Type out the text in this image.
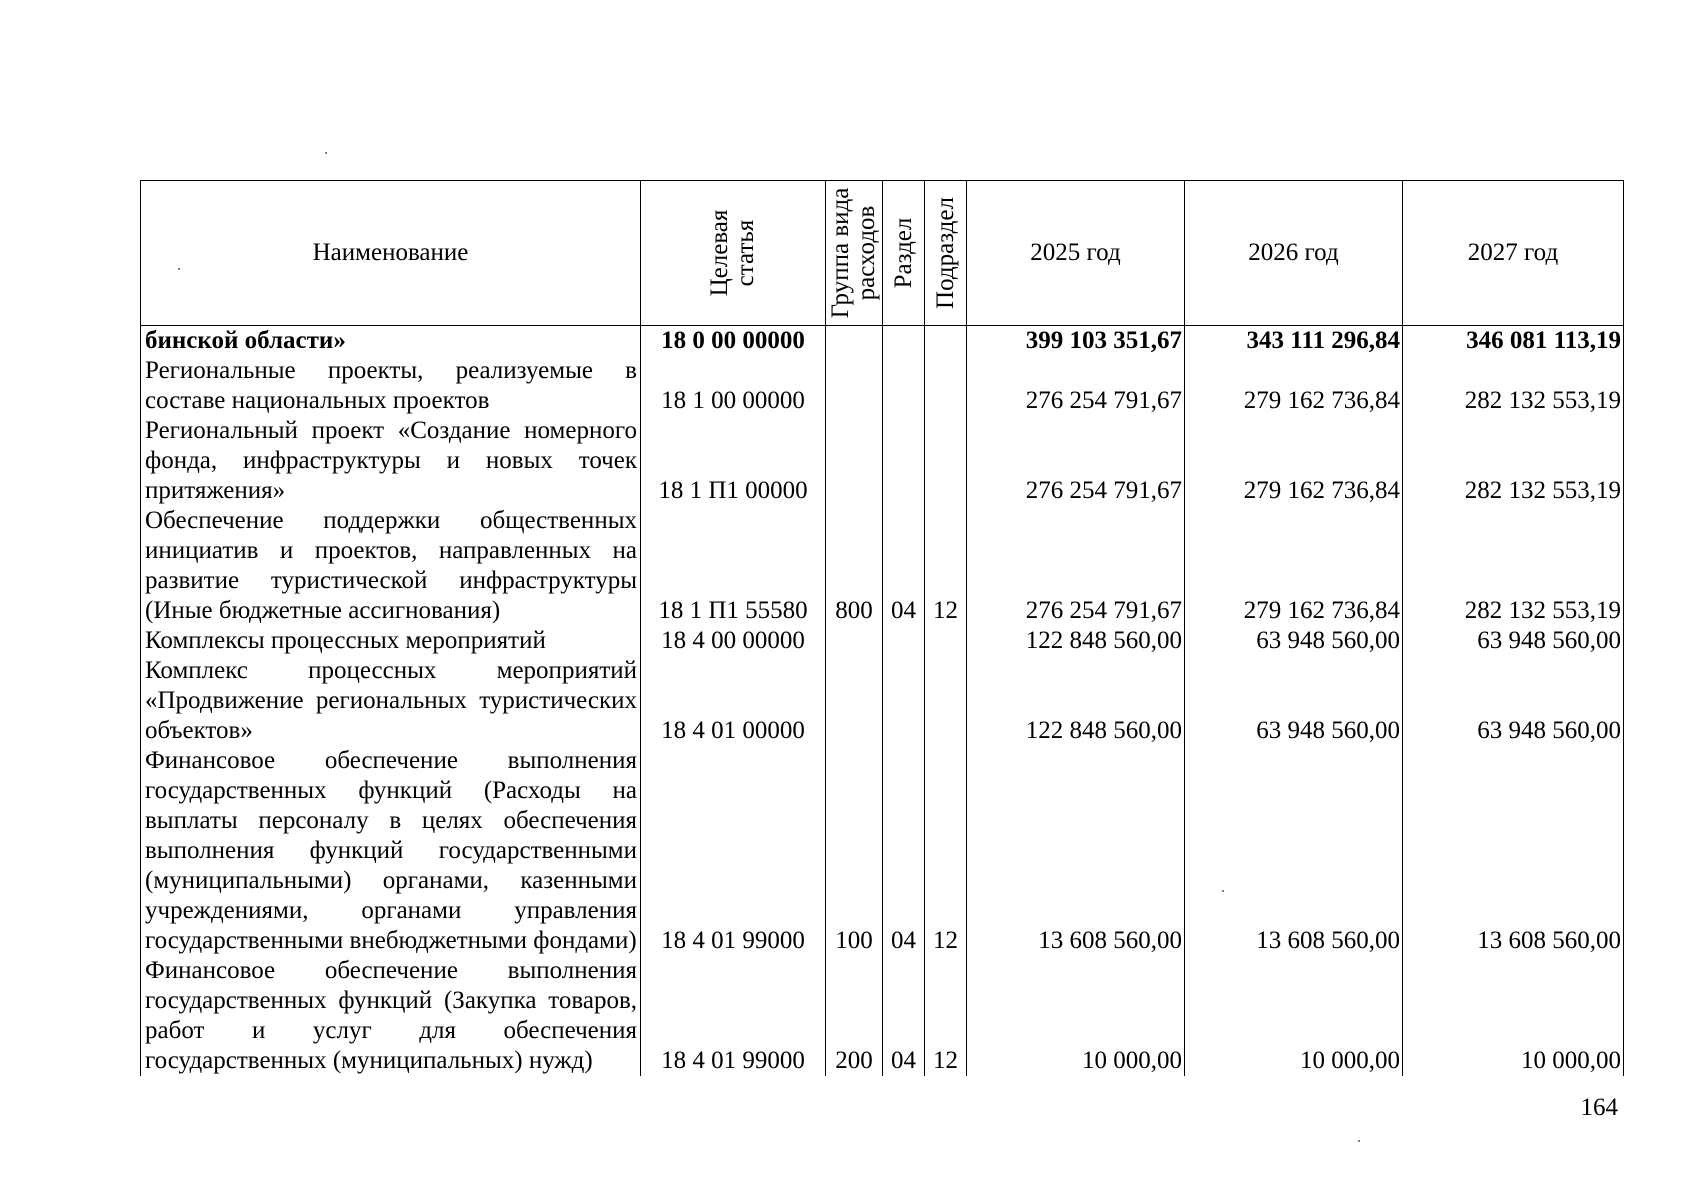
Наименование	Целевая статья	Группа вида расходов	Раздел	Подраздел	2025 год	2026 год	2027 год
бинской области»	18 0 00 00000				399 103 351,67	343 111 296,84	346 081 113,19
Региональные проекты, реализуемые в составе национальных проектов	18 1 00 00000				276 254 791,67	279 162 736,84	282 132 553,19
Региональный проект «Создание номерного фонда, инфраструктуры и новых точек притяжения»	18 1 П1 00000				276 254 791,67	279 162 736,84	282 132 553,19
Обеспечение поддержки общественных инициатив и проектов, направленных на развитие туристической инфраструктуры (Иные бюджетные ассигнования)	18 1 П1 55580	800	04	12	276 254 791,67	279 162 736,84	282 132 553,19
Комплексы процессных мероприятий	18 4 00 00000				122 848 560,00	63 948 560,00	63 948 560,00
Комплекс процессных мероприятий «Продвижение региональных туристических объектов»	18 4 01 00000				122 848 560,00	63 948 560,00	63 948 560,00
Финансовое обеспечение выполнения государственных функций (Расходы на выплаты персоналу в целях обеспечения выполнения функций государственными (муниципальными) органами, казенными учреждениями, органами управления государственными внебюджетными фондами)	18 4 01 99000	100	04	12	13 608 560,00	13 608 560,00	13 608 560,00
Финансовое обеспечение выполнения государственных функций (Закупка товаров, работ и услуг для обеспечения государственных (муниципальных) нужд)	18 4 01 99000	200	04	12	10 000,00	10 000,00	10 000,00
164
